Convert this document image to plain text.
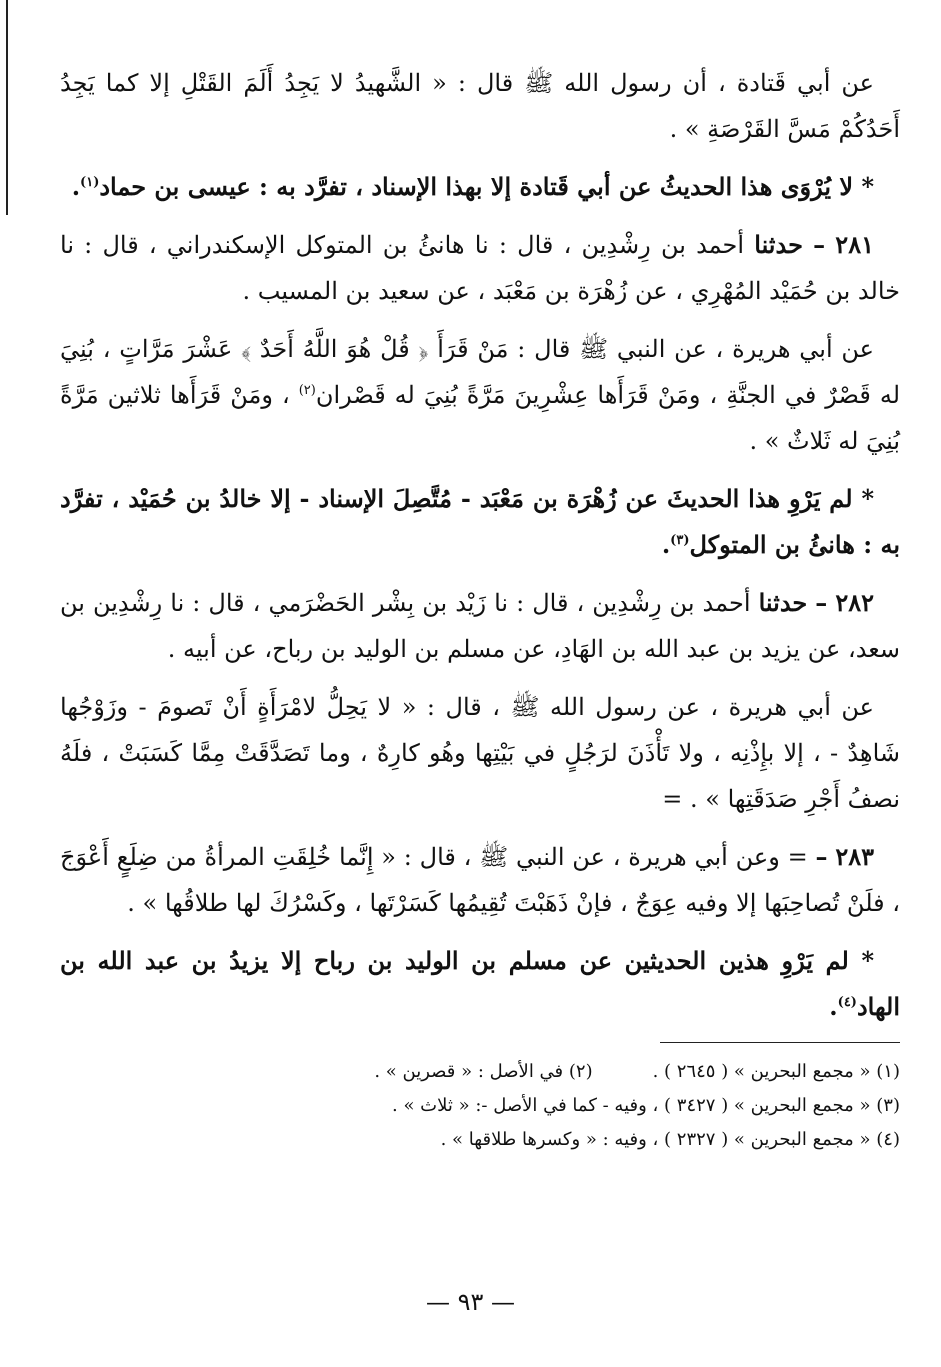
عن أبي قَتادة ، أن رسول الله ﷺ قال : « الشَّهيدُ لا يَجِدُ أَلَمَ القَتْلِ إلا كما يَجِدُ أَحَدُكُمْ مَسَّ القَرْصَةِ » .

* لا يُرْوَى هذا الحديثُ عن أبي قَتادة إلا بهذا الإسناد ، تفرَّد به : عيسى بن حماد$^{(١)}$.

٢٨١ – حدثنا أحمد بن رِشْدِين ، قال : نا هانئُ بن المتوكل الإسكندراني ، قال : نا خالد بن حُمَيْد المُهْرِي ، عن زُهْرَة بن مَعْبَد ، عن سعيد بن المسيب .

عن أبي هريرة ، عن النبي ﷺ قال : مَنْ قَرَأَ ﴿ قُلْ هُوَ اللَّهُ أَحَدٌ ﴾ عَشْرَ مَرَّاتٍ ، بُنِيَ له قَصْرٌ في الجنَّةِ ، ومَنْ قَرَأَها عِشْرِينَ مَرَّةً بُنِيَ له قَصْران$^{(٢)}$ ، ومَنْ قَرَأَها ثلاثين مَرَّةً بُنِيَ له ثَلاثٌ » .

* لم يَرْوِ هذا الحديثَ عن زُهْرَة بن مَعْبَد - مُتَّصِلَ الإسناد - إلا خالدُ بن حُمَيْد ، تفرَّد به : هانئُ بن المتوكل$^{(٣)}$.

٢٨٢ – حدثنا أحمد بن رِشْدِين ، قال : نا زَيْد بن بِشْر الحَضْرَمي ، قال : نا رِشْدِين بن سعد، عن يزيد بن عبد الله بن الهَادِ، عن مسلم بن الوليد بن رباح، عن أبيه .

عن أبي هريرة ، عن رسول الله ﷺ ، قال : « لا يَحِلُّ لامْرَأَةٍ أَنْ تَصومَ - وزَوْجُها شَاهِدٌ - ، إلا بإِذْنِه ، ولا تَأْذَنَ لرَجُلٍ في بَيْتِها وهُو كارِهٌ ، وما تَصَدَّقَتْ مِمَّا كَسَبَتْ ، فلَهُ نصفُ أَجْرِ صَدَقَتِها » . =

٢٨٣ – = وعن أبي هريرة ، عن النبي ﷺ ، قال : « إِنَّما خُلِقَتِ المرأةُ من ضِلَعٍ أَعْوَجَ ، فلَنْ تُصاحِبَها إلا وفيه عِوَجٌ ، فإنْ ذَهَبْتَ تُقِيمُها كَسَرْتَها ، وكَسْرُكَ لها طلاقُها » .

* لم يَرْوِ هذين الحديثين عن مسلم بن الوليد بن رباح إلا يزيدُ بن عبد الله بن الهاد$^{(٤)}$.

(١) « مجمع البحرين » ( ٢٦٤٥ ) .

(٢) في الأصل : « قصرين » .

(٣) « مجمع البحرين » ( ٣٤٢٧ ) ، وفيه - كما في الأصل -: « ثلاث » .

(٤) « مجمع البحرين » ( ٢٣٢٧ ) ، وفيه : « وكسرها طلاقها » .

— ٩٣ —
